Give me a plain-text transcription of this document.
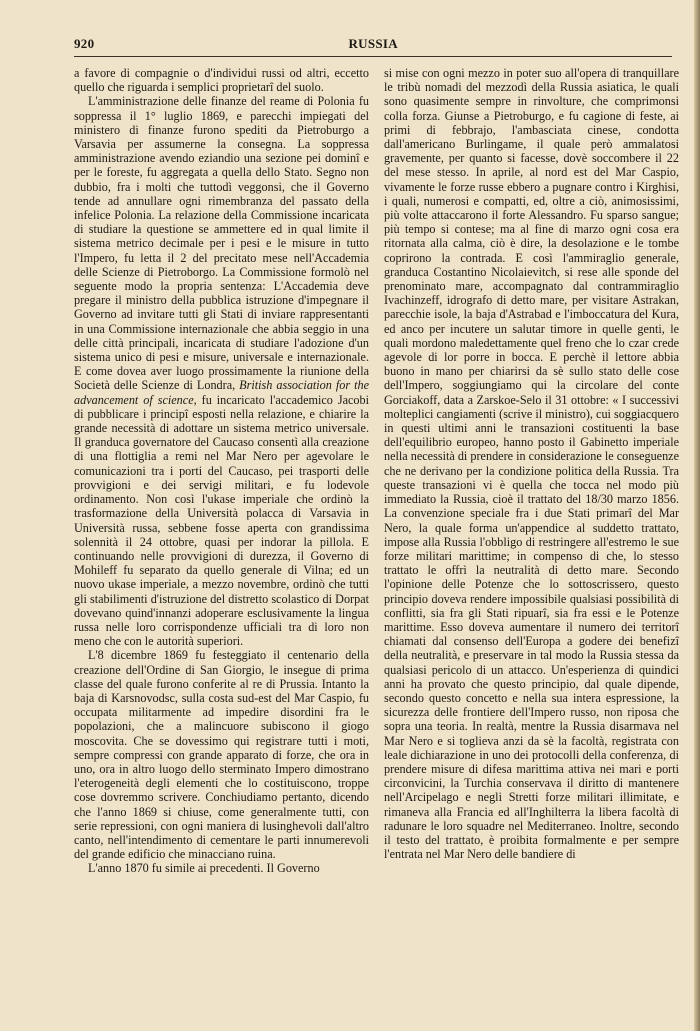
920	RUSSIA

a favore di compagnie o d'individui russi od altri, eccetto quello che riguarda i semplici proprietarî del suolo.

L'amministrazione delle finanze del reame di Polonia fu soppressa il 1° luglio 1869, e parecchi impiegati del ministero di finanze furono spediti da Pietroburgo a Varsavia per assumerne la consegna. La soppressa amministrazione avendo eziandio una sezione pei dominî e per le foreste, fu aggregata a quella dello Stato. Segno non dubbio, fra i molti che tuttodì veggonsi, che il Governo tende ad annullare ogni rimembranza del passato della infelice Polonia. La relazione della Commissione incaricata di studiare la questione se ammettere ed in qual limite il sistema metrico decimale per i pesi e le misure in tutto l'Impero, fu letta il 2 del precitato mese nell'Accademia delle Scienze di Pietroborgo. La Commissione formolò nel seguente modo la propria sentenza: L'Accademia deve pregare il ministro della pubblica istruzione d'impegnare il Governo ad invitare tutti gli Stati di inviare rappresentanti in una Commissione internazionale che abbia seggio in una delle città principali, incaricata di studiare l'adozione d'un sistema unico di pesi e misure, universale e internazionale. E come dovea aver luogo prossimamente la riunione della Società delle Scienze di Londra, British association for the advancement of science, fu incaricato l'accademico Jacobi di pubblicare i principî esposti nella relazione, e chiarire la grande necessità di adottare un sistema metrico universale. Il granduca governatore del Caucaso consentì alla creazione di una flottiglia a remi nel Mar Nero per agevolare le comunicazioni tra i porti del Caucaso, pei trasporti delle provvigioni e dei servigi militari, e fu lodevole ordinamento. Non così l'ukase imperiale che ordinò la trasformazione della Università polacca di Varsavia in Università russa, sebbene fosse aperta con grandissima solennità il 24 ottobre, quasi per indorar la pillola. E continuando nelle provvigioni di durezza, il Governo di Mohileff fu separato da quello generale di Vilna; ed un nuovo ukase imperiale, a mezzo novembre, ordinò che tutti gli stabilimenti d'istruzione del distretto scolastico di Dorpat dovevano quind'innanzi adoperare esclusivamente la lingua russa nelle loro corrispondenze ufficiali tra di loro non meno che con le autorità superiori.

L'8 dicembre 1869 fu festeggiato il centenario della creazione dell'Ordine di San Giorgio, le insegue di prima classe del quale furono conferite al re di Prussia. Intanto la baja di Karsnovodsc, sulla costa sud-est del Mar Caspio, fu occupata militarmente ad impedire disordini fra le popolazioni, che a malincuore subiscono il giogo moscovita. Che se dovessimo qui registrare tutti i moti, sempre compressi con grande apparato di forze, che ora in uno, ora in altro luogo dello sterminato Impero dimostrano l'eterogeneità degli elementi che lo costituiscono, troppe cose dovremmo scrivere. Conchiudiamo pertanto, dicendo che l'anno 1869 si chiuse, come generalmente tutti, con serie repressioni, con ogni maniera di lusinghevoli dall'altro canto, nell'intendimento di cementare le parti innumerevoli del grande edificio che minacciano ruina.

L'anno 1870 fu simile ai precedenti. Il Governo

si mise con ogni mezzo in poter suo all'opera di tranquillare le tribù nomadi del mezzodì della Russia asiatica, le quali sono quasimente sempre in rinvolture, che comprimonsi colla forza. Giunse a Pietroburgo, e fu cagione di feste, ai primi di febbrajo, l'ambasciata cinese, condotta dall'americano Burlingame, il quale però ammalatosi gravemente, per quanto si facesse, dovè soccombere il 22 del mese stesso. In aprile, al nord est del Mar Caspio, vivamente le forze russe ebbero a pugnare contro i Kirghisi, i quali, numerosi e compatti, ed, oltre a ciò, animosissimi, più volte attaccarono il forte Alessandro. Fu sparso sangue; più tempo si contese; ma al fine di marzo ogni cosa era ritornata alla calma, ciò è dire, la desolazione e le tombe coprirono la contrada. E così l'ammiraglio generale, granduca Costantino Nicolaievitch, si rese alle sponde del prenominato mare, accompagnato dal contrammiraglio Ivachinzeff, idrografo di detto mare, per visitare Astrakan, parecchie isole, la baja d'Astrabad e l'imboccatura del Kura, ed anco per incutere un salutar timore in quelle genti, le quali mordono maledettamente quel freno che lo czar crede agevole di lor porre in bocca. E perchè il lettore abbia buono in mano per chiarirsi da sè sullo stato delle cose dell'Impero, soggiungiamo qui la circolare del conte Gorciakoff, data a Zarskoe-Selo il 31 ottobre: « I successivi molteplici cangiamenti (scrive il ministro), cui soggiacquero in questi ultimi anni le transazioni costituenti la base dell'equilibrio europeo, hanno posto il Gabinetto imperiale nella necessità di prendere in considerazione le conseguenze che ne derivano per la condizione politica della Russia. Tra queste transazioni vi è quella che tocca nel modo più immediato la Russia, cioè il trattato del 18/30 marzo 1856. La convenzione speciale fra i due Stati primarî del Mar Nero, la quale forma un'appendice al suddetto trattato, impose alla Russia l'obbligo di restringere all'estremo le sue forze militari marittime; in compenso di che, lo stesso trattato le offrì la neutralità di detto mare. Secondo l'opinione delle Potenze che lo sottoscrissero, questo principio doveva rendere impossibile qualsiasi possibilità di conflitti, sia fra gli Stati ripuarî, sia fra essi e le Potenze marittime. Esso doveva aumentare il numero dei territorî chiamati dal consenso dell'Europa a godere dei benefizî della neutralità, e preservare in tal modo la Russia stessa da qualsiasi pericolo di un attacco. Un'esperienza di quindici anni ha provato che questo principio, dal quale dipende, secondo questo concetto e nella sua intera espressione, la sicurezza delle frontiere dell'Impero russo, non riposa che sopra una teoria. In realtà, mentre la Russia disarmava nel Mar Nero e si toglieva anzi da sè la facoltà, registrata con leale dichiarazione in uno dei protocolli della conferenza, di prendere misure di difesa marittima attiva nei mari e porti circonvicini, la Turchia conservava il diritto di mantenere nell'Arcipelago e negli Stretti forze militari illimitate, e rimaneva alla Francia ed all'Inghilterra la libera facoltà di radunare le loro squadre nel Mediterraneo. Inoltre, secondo il testo del trattato, è proibita formalmente e per sempre l'entrata nel Mar Nero delle bandiere di
